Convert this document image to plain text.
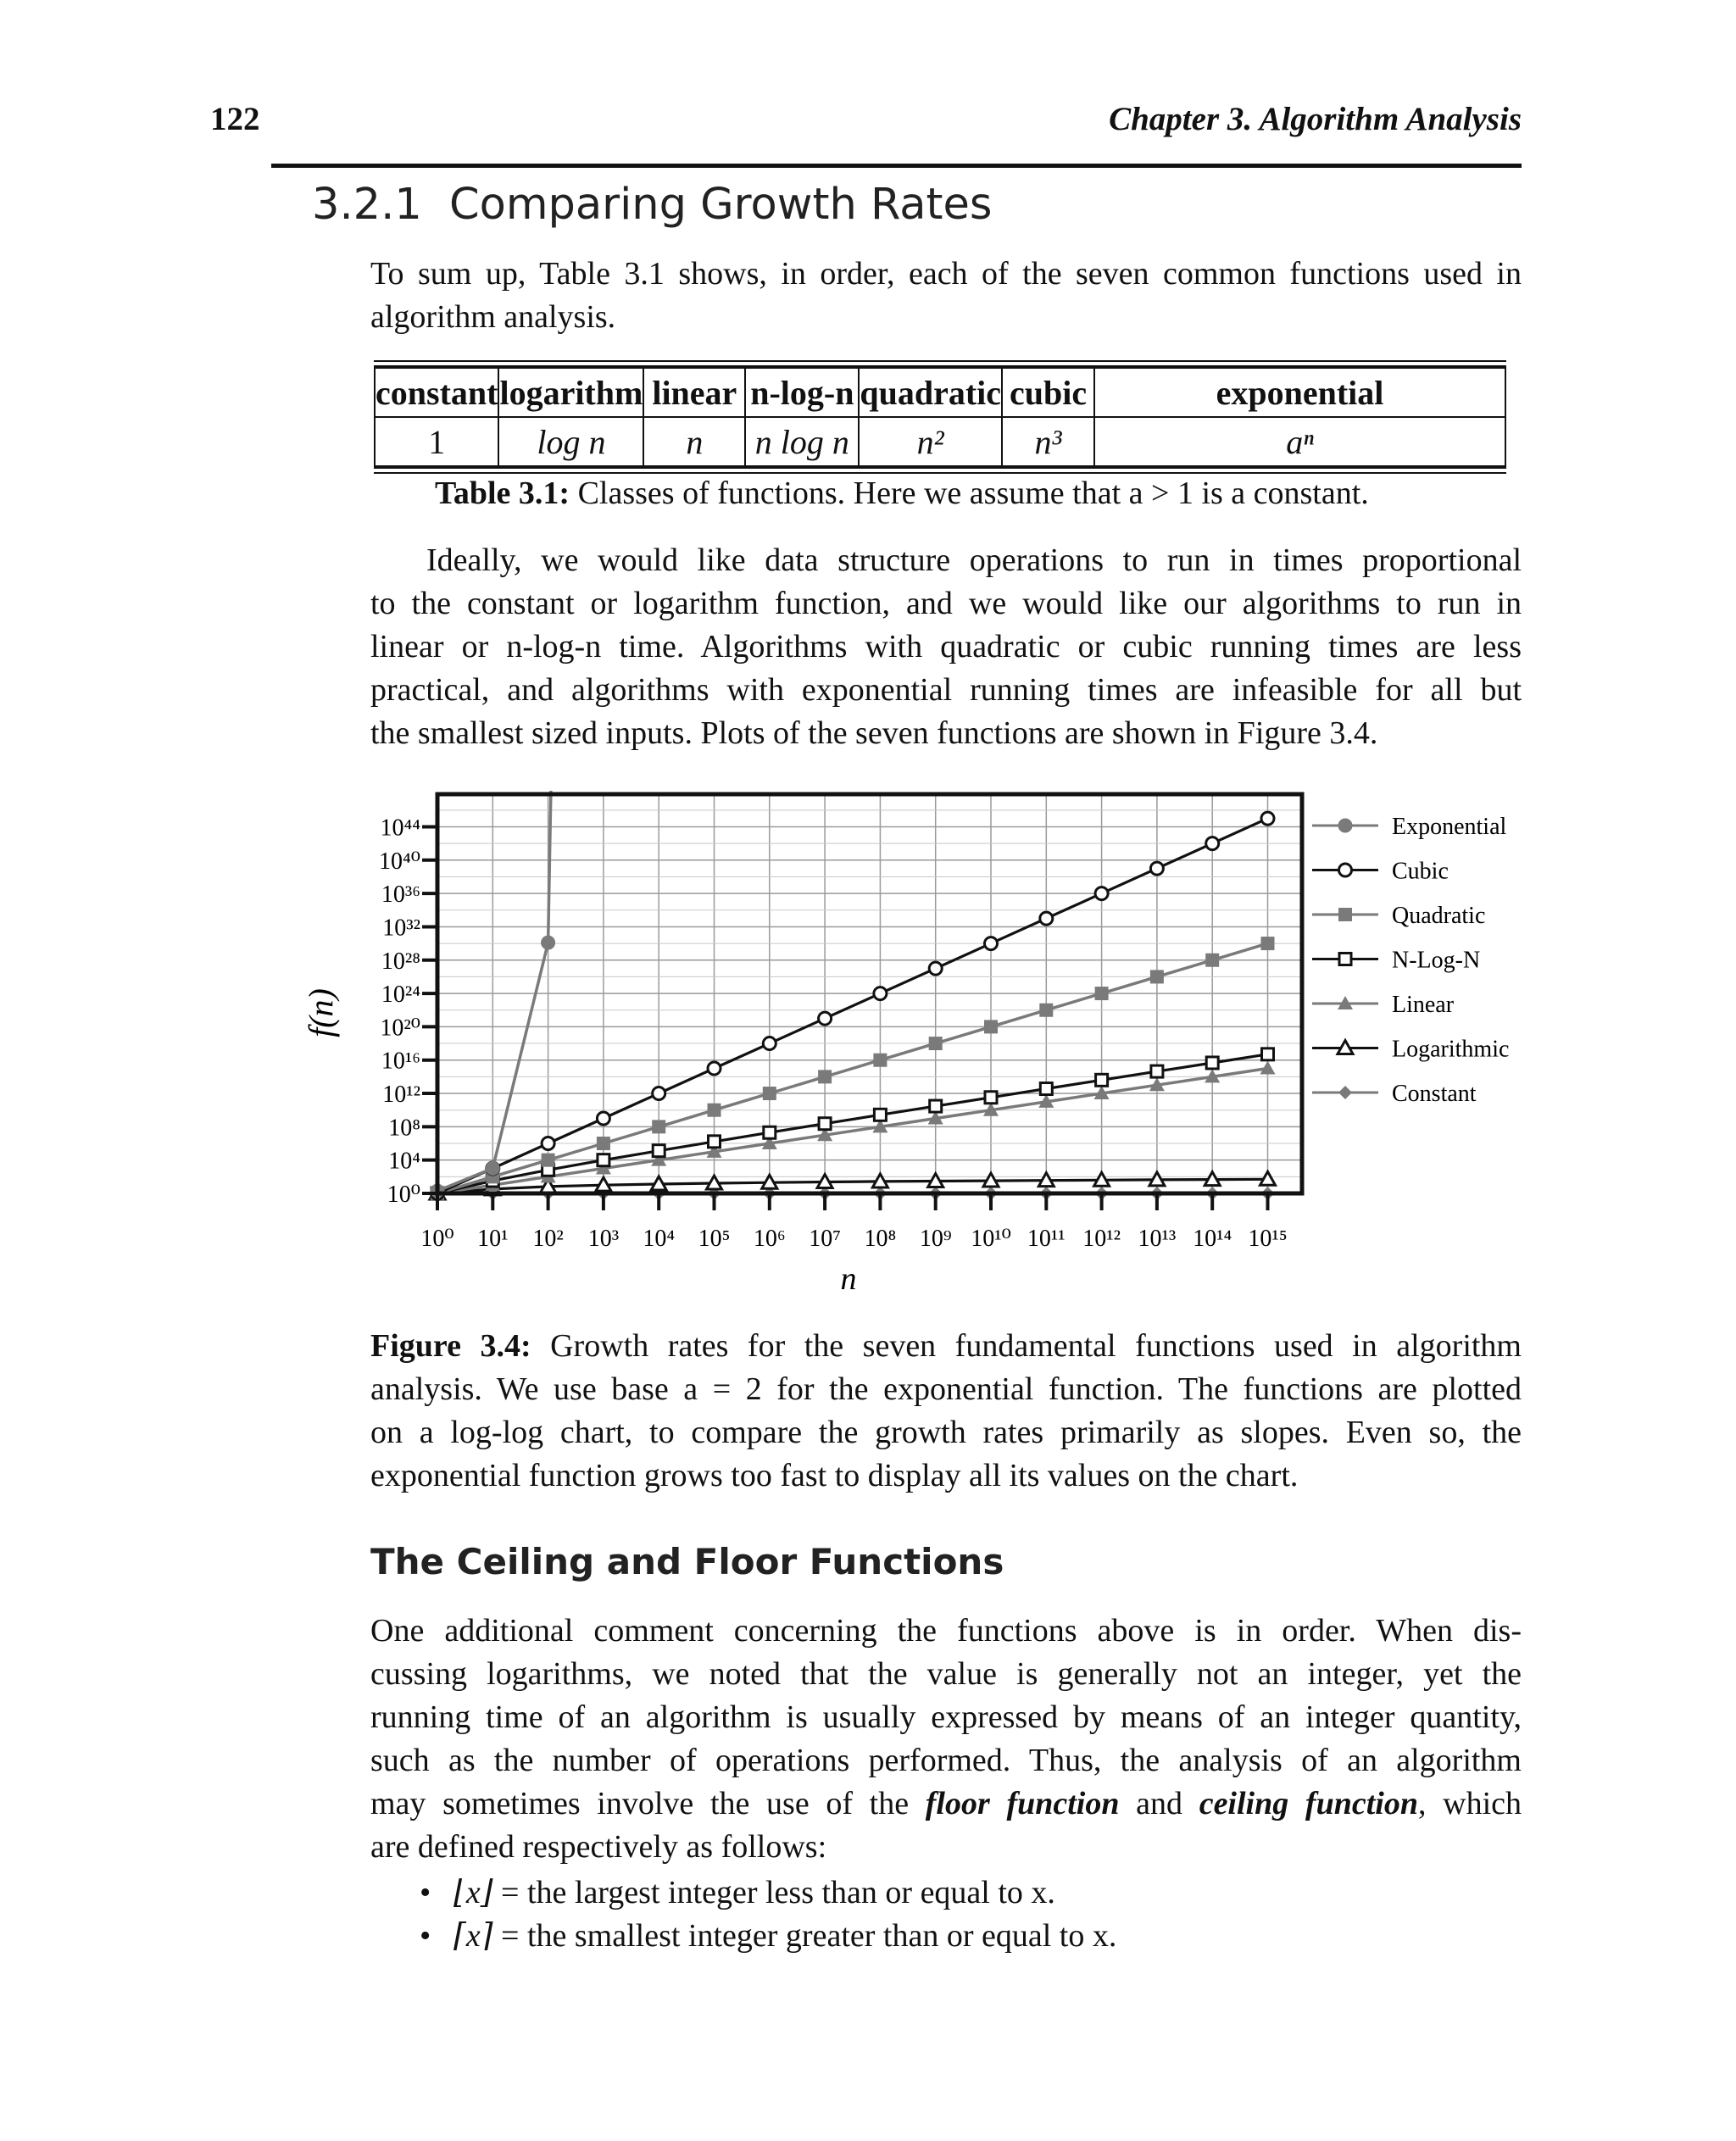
122	Chapter 3. Algorithm Analysis
3.2.1 Comparing Growth Rates
To sum up, Table 3.1 shows, in order, each of the seven common functions used in
algorithm analysis.
constant	logarithm	linear	n-log-n	quadratic	cubic	exponential
1	log n	n	n log n	n²	n³	aⁿ
Table 3.1: Classes of functions. Here we assume that a > 1 is a constant.
Ideally, we would like data structure operations to run in times proportional
to the constant or logarithm function, and we would like our algorithms to run in
linear or n-log-n time. Algorithms with quadratic or cubic running times are less
practical, and algorithms with exponential running times are infeasible for all but
the smallest sized inputs. Plots of the seven functions are shown in Figure 3.4.
10⁰ 10¹ 10² 10³ 10⁴ 10⁵ 10⁶ 10⁷ 10⁸ 10⁹ 10¹⁰ 10¹¹ 10¹² 10¹³ 10¹⁴ 10¹⁵
10⁰
10⁴
10⁸
10¹²
10¹⁶
10²⁰
10²⁴
10²⁸
10³²
10³⁶
10⁴⁰
10⁴⁴	Exponential
Cubic
Quadratic
N-Log-N
Linear
Logarithmic
Constant
n
f(n)
Figure 3.4: Growth rates for the seven fundamental functions used in algorithm
analysis. We use base a = 2 for the exponential function. The functions are plotted
on a log-log chart, to compare the growth rates primarily as slopes. Even so, the
exponential function grows too fast to display all its values on the chart.
The Ceiling and Floor Functions
One additional comment concerning the functions above is in order. When dis-
cussing logarithms, we noted that the value is generally not an integer, yet the
running time of an algorithm is usually expressed by means of an integer quantity,
such as the number of operations performed. Thus, the analysis of an algorithm
may sometimes involve the use of the floor function and ceiling function, which
are defined respectively as follows:
• ⌊x⌋ = the largest integer less than or equal to x.
• ⌈x⌉ = the smallest integer greater than or equal to x.
